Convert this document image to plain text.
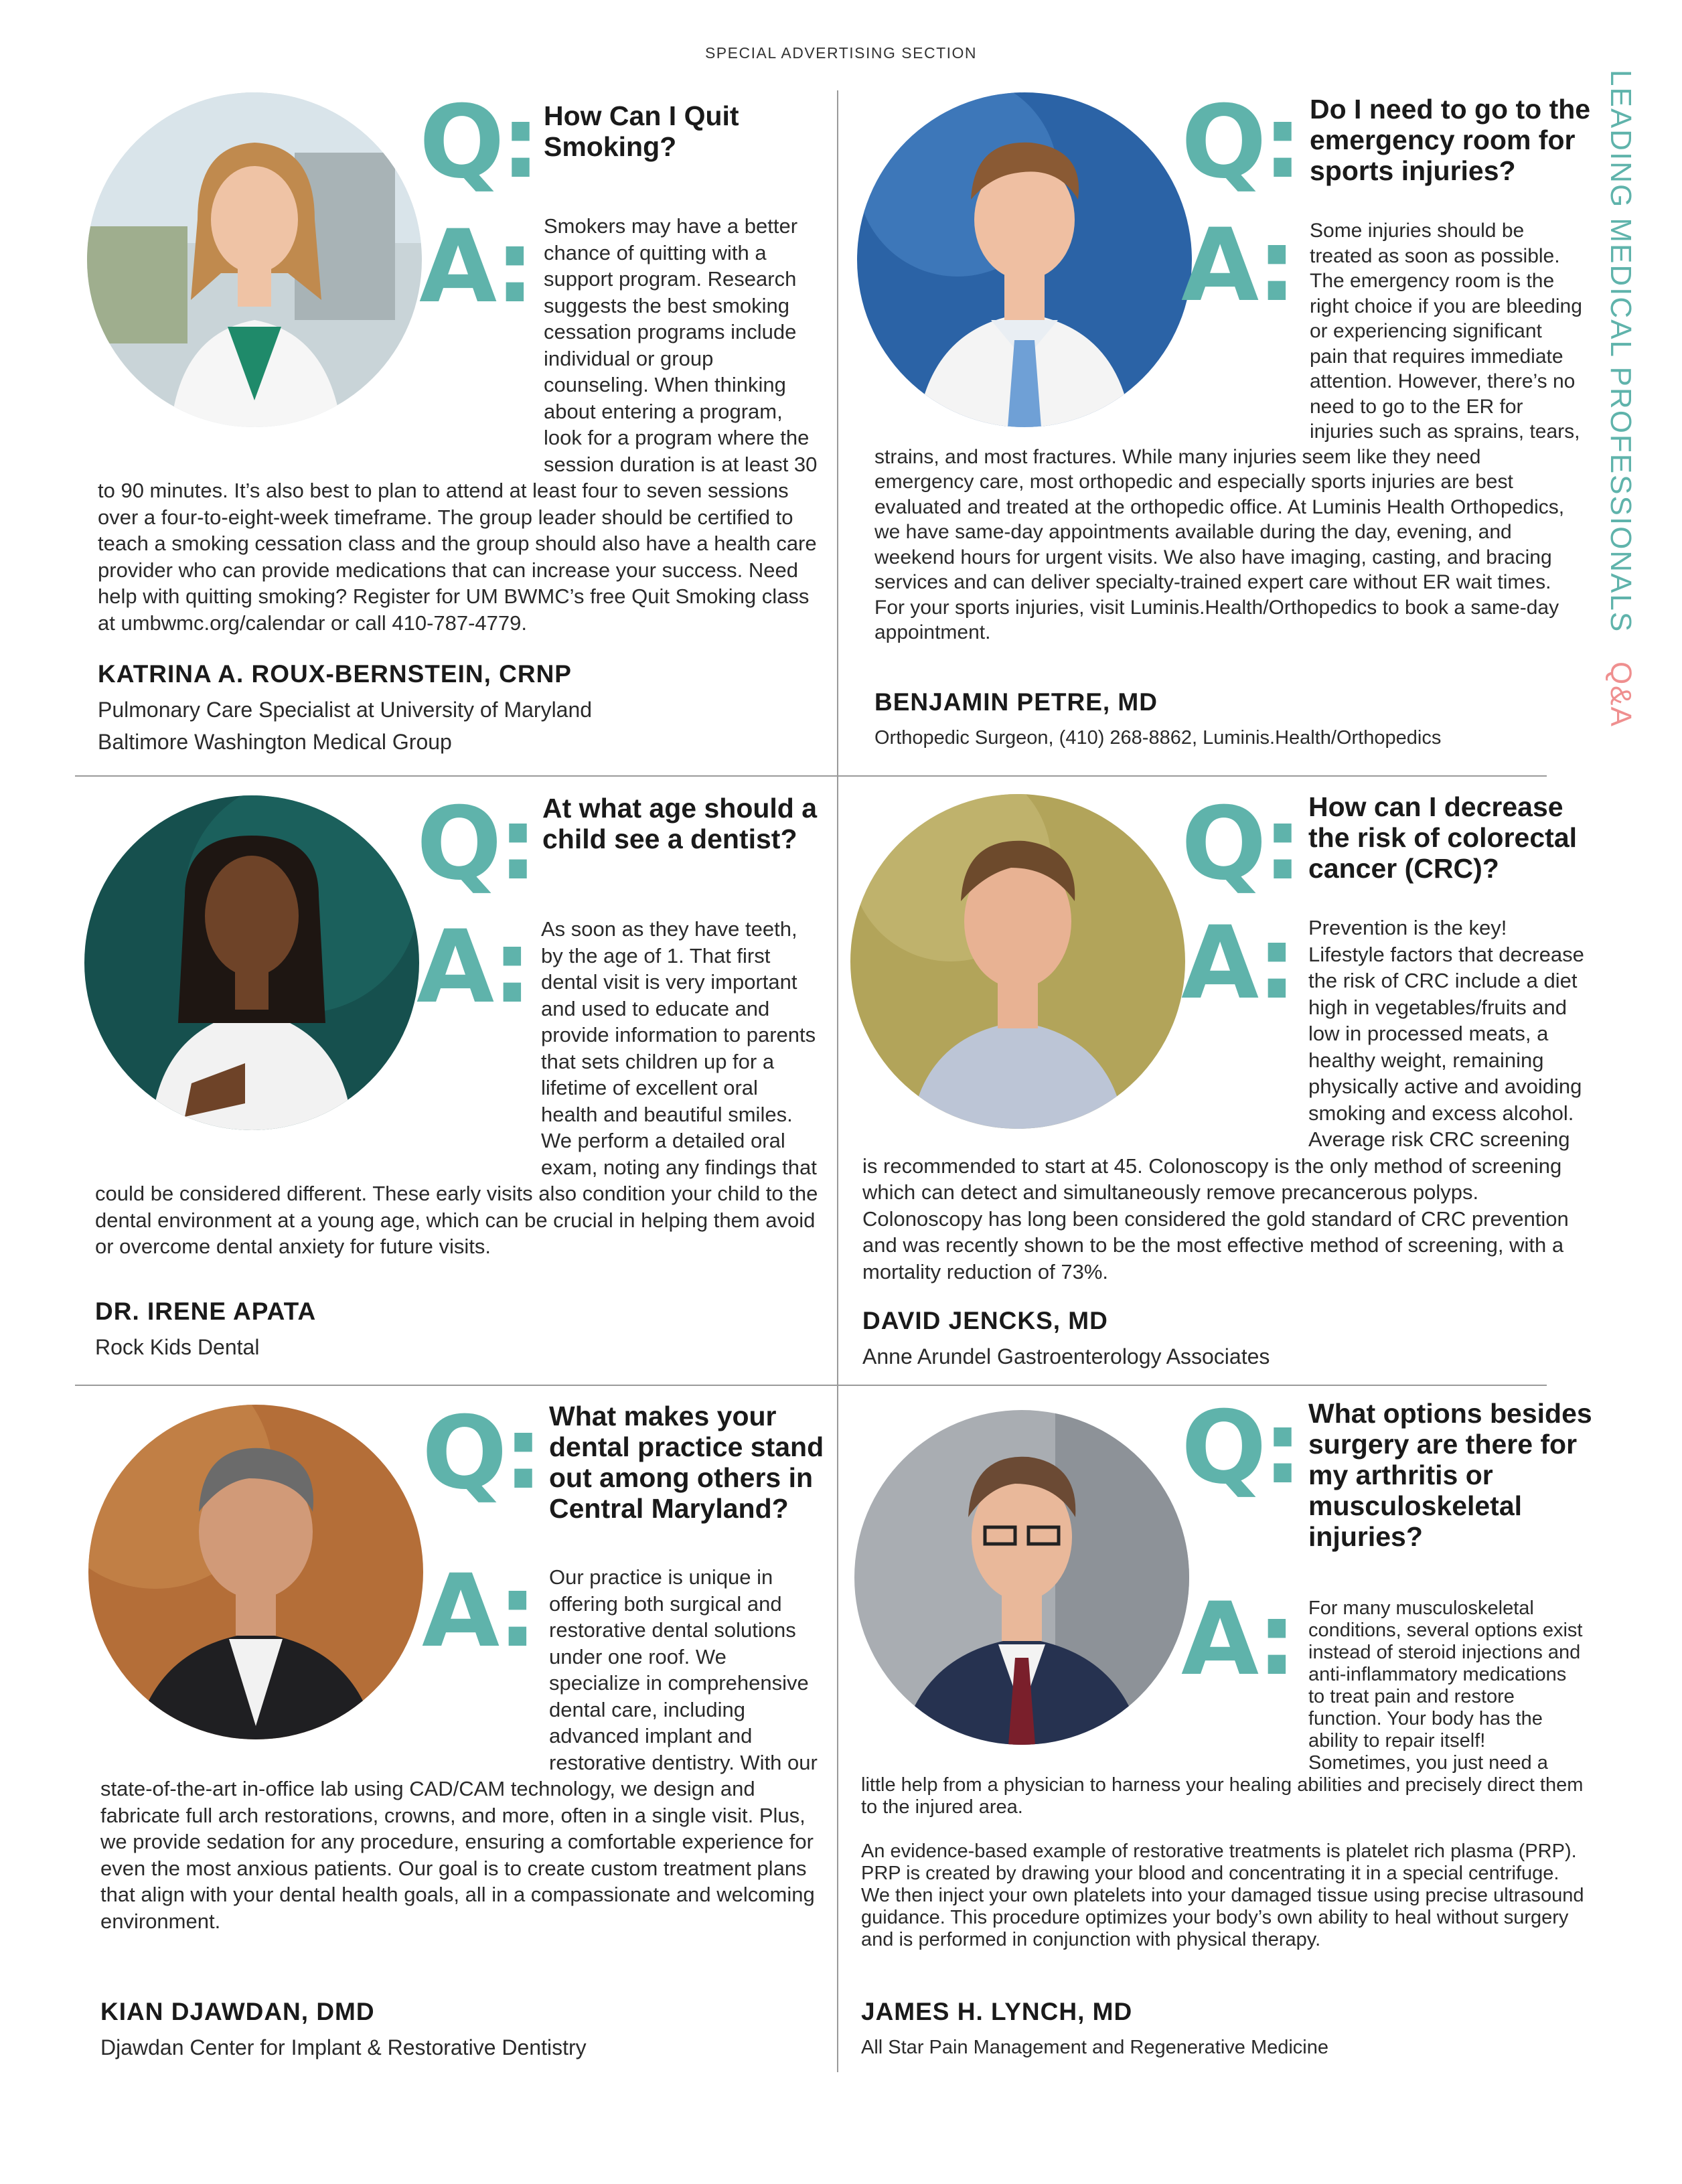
SPECIAL ADVERTISING SECTION
LEADING MEDICAL PROFESSIONALS   Q&A
Q: How Can I Quit Smoking?
A: Smokers may have a better chance of quitting with a support program. Research suggests the best smoking cessation programs include individual or group counseling. When thinking about entering a program, look for a program where the session duration is at least 30 to 90 minutes. It’s also best to plan to attend at least four to seven sessions over a four-to-eight-week timeframe. The group leader should be certified to teach a smoking cessation class and the group should also have a health care provider who can provide medications that can increase your success. Need help with quitting smoking? Register for UM BWMC’s free Quit Smoking class at umbwmc.org/calendar or call 410-787-4779.

KATRINA A. ROUX-BERNSTEIN, CRNP
Pulmonary Care Specialist at University of Maryland
Baltimore Washington Medical Group
Q: Do I need to go to the emergency room for sports injuries?
A: Some injuries should be treated as soon as possible. The emergency room is the right choice if you are bleeding or experiencing significant pain that requires immediate attention. However, there’s no need to go to the ER for injuries such as sprains, tears, strains, and most fractures. While many injuries seem like they need emergency care, most orthopedic and especially sports injuries are best evaluated and treated at the orthopedic office. At Luminis Health Orthopedics, we have same-day appointments available during the day, evening, and weekend hours for urgent visits. We also have imaging, casting, and bracing services and can deliver specialty-trained expert care without ER wait times. For your sports injuries, visit Luminis.Health/Orthopedics to book a same-day appointment.

BENJAMIN PETRE, MD
Orthopedic Surgeon, (410) 268-8862, Luminis.Health/Orthopedics
Q: At what age should a child see a dentist?
A: As soon as they have teeth, by the age of 1. That first dental visit is very important and used to educate and provide information to parents that sets children up for a lifetime of excellent oral health and beautiful smiles. We perform a detailed oral exam, noting any findings that could be considered different. These early visits also condition your child to the dental environment at a young age, which can be crucial in helping them avoid or overcome dental anxiety for future visits.

DR. IRENE APATA
Rock Kids Dental
Q: How can I decrease the risk of colorectal cancer (CRC)?
A: Prevention is the key! Lifestyle factors that decrease the risk of CRC include a diet high in vegetables/fruits and low in processed meats, a healthy weight, remaining physically active and avoiding smoking and excess alcohol. Average risk CRC screening is recommended to start at 45. Colonoscopy is the only method of screening which can detect and simultaneously remove precancerous polyps. Colonoscopy has long been considered the gold standard of CRC prevention and was recently shown to be the most effective method of screening, with a mortality reduction of 73%.

DAVID JENCKS, MD
Anne Arundel Gastroenterology Associates
Q: What makes your dental practice stand out among others in Central Maryland?
A: Our practice is unique in offering both surgical and restorative dental solutions under one roof. We specialize in comprehensive dental care, including advanced implant and restorative dentistry. With our state-of-the-art in-office lab using CAD/CAM technology, we design and fabricate full arch restorations, crowns, and more, often in a single visit. Plus, we provide sedation for any procedure, ensuring a comfortable experience for even the most anxious patients. Our goal is to create custom treatment plans that align with your dental health goals, all in a compassionate and welcoming environment.

KIAN DJAWDAN, DMD
Djawdan Center for Implant & Restorative Dentistry
Q: What options besides surgery are there for my arthritis or musculoskeletal injuries?
A: For many musculoskeletal conditions, several options exist instead of steroid injections and anti-inflammatory medications to treat pain and restore function. Your body has the ability to repair itself! Sometimes, you just need a little help from a physician to harness your healing abilities and precisely direct them to the injured area.

An evidence-based example of restorative treatments is platelet rich plasma (PRP). PRP is created by drawing your blood and concentrating it in a special centrifuge. We then inject your own platelets into your damaged tissue using precise ultrasound guidance. This procedure optimizes your body’s own ability to heal without surgery and is performed in conjunction with physical therapy.

JAMES H. LYNCH, MD
All Star Pain Management and Regenerative Medicine
